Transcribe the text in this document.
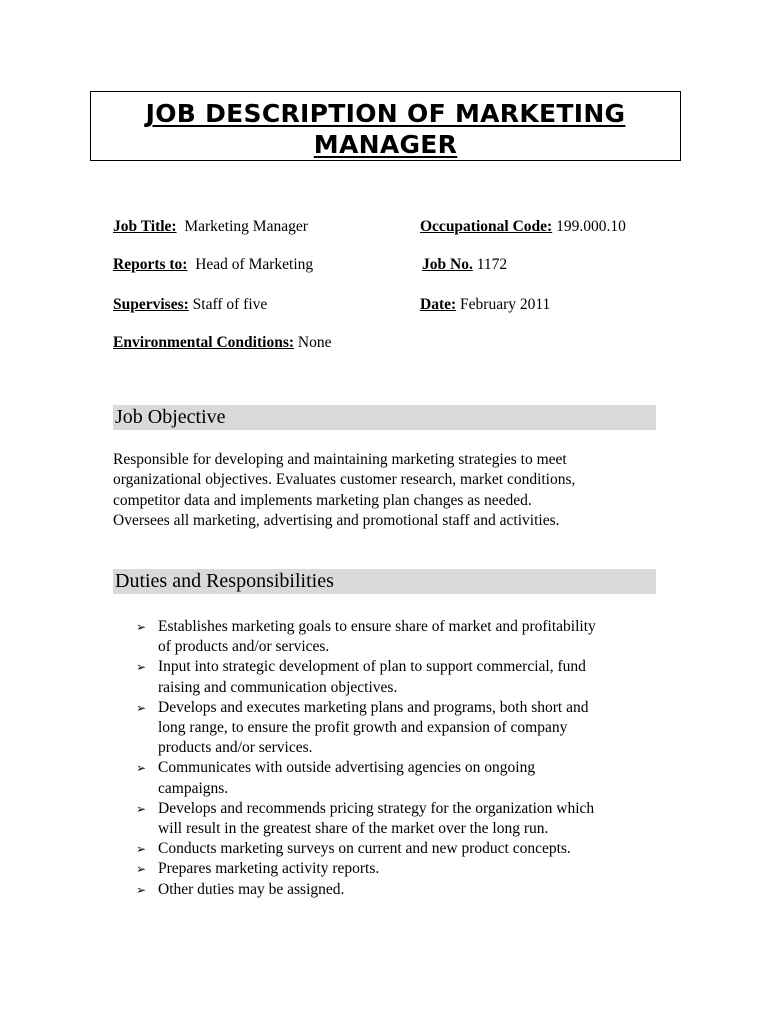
JOB DESCRIPTION OF MARKETING
MANAGER
Job Title: Marketing Manager	Occupational Code: 199.000.10
Reports to: Head of Marketing	Job No. 1172
Supervises: Staff of five	Date: February 2011
Environmental Conditions: None
Job Objective
Responsible for developing and maintaining marketing strategies to meet
organizational objectives. Evaluates customer research, market conditions,
competitor data and implements marketing plan changes as needed.
Oversees all marketing, advertising and promotional staff and activities.
Duties and Responsibilities
➢ Establishes marketing goals to ensure share of market and profitability
of products and/or services.
➢ Input into strategic development of plan to support commercial, fund
raising and communication objectives.
➢ Develops and executes marketing plans and programs, both short and
long range, to ensure the profit growth and expansion of company
products and/or services.
➢ Communicates with outside advertising agencies on ongoing
campaigns.
➢ Develops and recommends pricing strategy for the organization which
will result in the greatest share of the market over the long run.
➢ Conducts marketing surveys on current and new product concepts.
➢ Prepares marketing activity reports.
➢ Other duties may be assigned.
